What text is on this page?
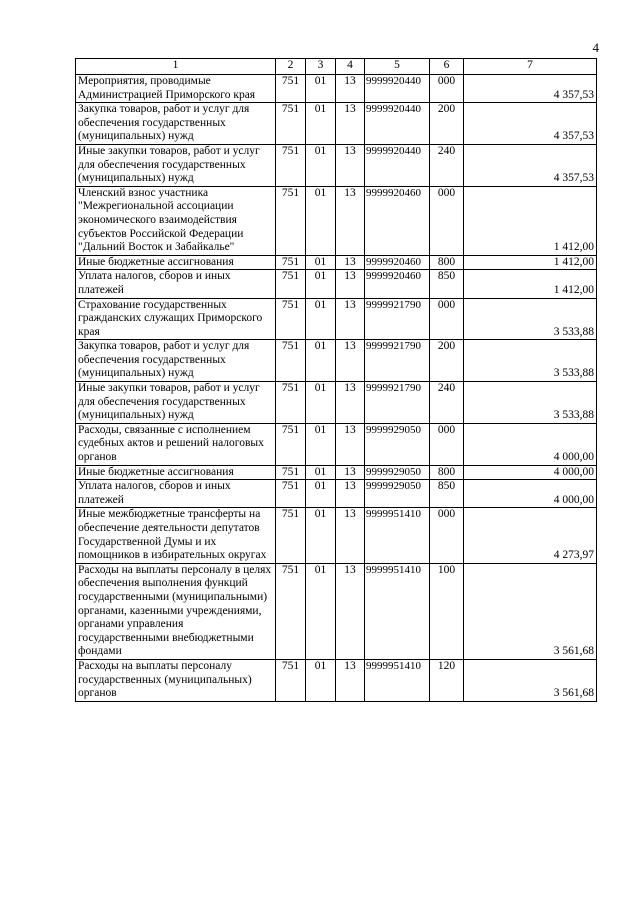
4
1	2	3	4	5	6	7
Мероприятия, проводимые Администрацией Приморского края	751	01	13	9999920440	000	4 357,53
Закупка товаров, работ и услуг для обеспечения государственных (муниципальных) нужд	751	01	13	9999920440	200	4 357,53
Иные закупки товаров, работ и услуг для обеспечения государственных (муниципальных) нужд	751	01	13	9999920440	240	4 357,53
Членский взнос участника "Межрегиональной ассоциации экономического взаимодействия субъектов Российской Федерации "Дальний Восток и Забайкалье"	751	01	13	9999920460	000	1 412,00
Иные бюджетные ассигнования	751	01	13	9999920460	800	1 412,00
Уплата налогов, сборов и иных платежей	751	01	13	9999920460	850	1 412,00
Страхование государственных гражданских служащих Приморского края	751	01	13	9999921790	000	3 533,88
Закупка товаров, работ и услуг для обеспечения государственных (муниципальных) нужд	751	01	13	9999921790	200	3 533,88
Иные закупки товаров, работ и услуг для обеспечения государственных (муниципальных) нужд	751	01	13	9999921790	240	3 533,88
Расходы, связанные с исполнением судебных актов и решений налоговых органов	751	01	13	9999929050	000	4 000,00
Иные бюджетные ассигнования	751	01	13	9999929050	800	4 000,00
Уплата налогов, сборов и иных платежей	751	01	13	9999929050	850	4 000,00
Иные межбюджетные трансферты на обеспечение деятельности депутатов Государственной Думы и их помощников в избирательных округах	751	01	13	9999951410	000	4 273,97
Расходы на выплаты персоналу в целях обеспечения выполнения функций государственными (муниципальными) органами, казенными учреждениями, органами управления государственными внебюджетными фондами	751	01	13	9999951410	100	3 561,68
Расходы на выплаты персоналу государственных (муниципальных) органов	751	01	13	9999951410	120	3 561,68
